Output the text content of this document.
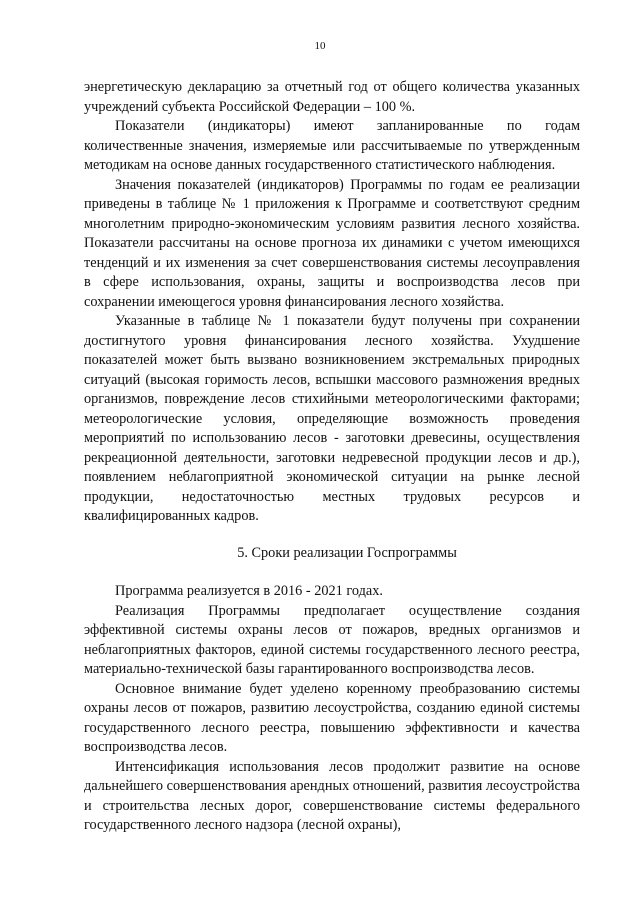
10

энергетическую декларацию за отчетный год от общего количества указанных учреждений субъекта Российской Федерации – 100 %.

Показатели (индикаторы) имеют запланированные по годам количественные значения, измеряемые или рассчитываемые по утвержденным методикам на основе данных государственного статистического наблюдения.

Значения показателей (индикаторов) Программы по годам ее реализации приведены в таблице № 1 приложения к Программе и соответствуют средним многолетним природно-экономическим условиям развития лесного хозяйства. Показатели рассчитаны на основе прогноза их динамики с учетом имеющихся тенденций и их изменения за счет совершенствования системы лесоуправления в сфере использования, охраны, защиты и воспроизводства лесов при сохранении имеющегося уровня финансирования лесного хозяйства.

Указанные в таблице № 1 показатели будут получены при сохранении достигнутого уровня финансирования лесного хозяйства. Ухудшение показателей может быть вызвано возникновением экстремальных природных ситуаций (высокая горимость лесов, вспышки массового размножения вредных организмов, повреждение лесов стихийными метеорологическими факторами; метеорологические условия, определяющие возможность проведения мероприятий по использованию лесов - заготовки древесины, осуществления рекреационной деятельности, заготовки недревесной продукции лесов и др.), появлением неблагоприятной экономической ситуации на рынке лесной продукции, недостаточностью местных трудовых ресурсов и квалифицированных кадров.

5. Сроки реализации Госпрограммы

Программа реализуется в 2016 - 2021 годах.

Реализация Программы предполагает осуществление создания эффективной системы охраны лесов от пожаров, вредных организмов и неблагоприятных факторов, единой системы государственного лесного реестра, материально-технической базы гарантированного воспроизводства лесов.

Основное внимание будет уделено коренному преобразованию системы охраны лесов от пожаров, развитию лесоустройства, созданию единой системы государственного лесного реестра, повышению эффективности и качества воспроизводства лесов.

Интенсификация использования лесов продолжит развитие на основе дальнейшего совершенствования арендных отношений, развития лесоустройства и строительства лесных дорог, совершенствование системы федерального государственного лесного надзора (лесной охраны),
